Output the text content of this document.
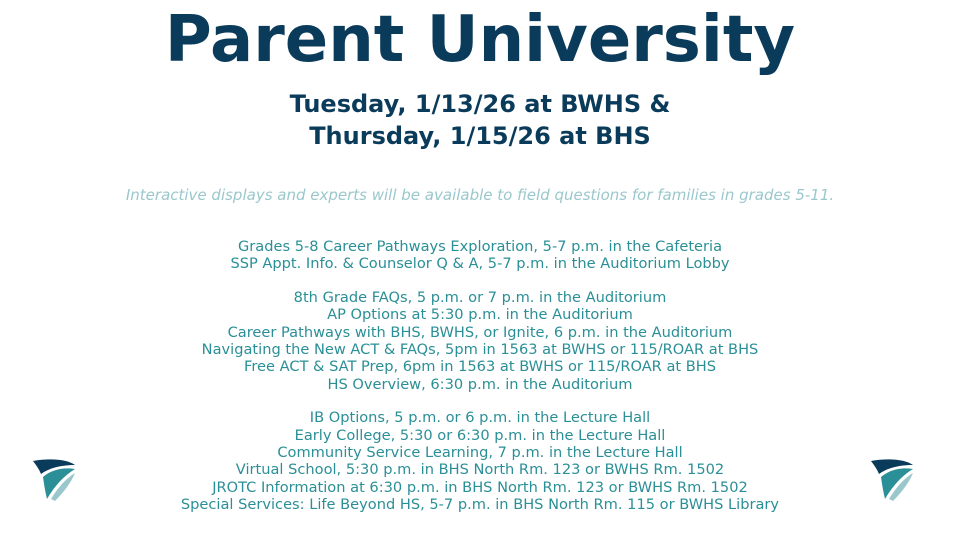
Parent University
Tuesday, 1/13/26 at BWHS &
Thursday, 1/15/26 at BHS
Interactive displays and experts will be available to field questions for families in grades 5-11.
Grades 5-8 Career Pathways Exploration, 5-7 p.m. in the Cafeteria
SSP Appt. Info. & Counselor Q & A, 5-7 p.m. in the Auditorium Lobby
8th Grade FAQs, 5 p.m. or 7 p.m. in the Auditorium
AP Options at 5:30 p.m. in the Auditorium
Career Pathways with BHS, BWHS, or Ignite, 6 p.m. in the Auditorium
Navigating the New ACT & FAQs, 5pm in 1563 at BWHS or 115/ROAR at BHS
Free ACT & SAT Prep, 6pm in 1563 at BWHS or 115/ROAR at BHS
HS Overview, 6:30 p.m. in the Auditorium
IB Options, 5 p.m. or 6 p.m. in the Lecture Hall
Early College, 5:30 or 6:30 p.m. in the Lecture Hall
Community Service Learning, 7 p.m. in the Lecture Hall
Virtual School, 5:30 p.m. in BHS North Rm. 123 or BWHS Rm. 1502
JROTC Information at 6:30 p.m. in BHS North Rm. 123 or BWHS Rm. 1502
Special Services: Life Beyond HS, 5-7 p.m. in BHS North Rm. 115 or BWHS Library
